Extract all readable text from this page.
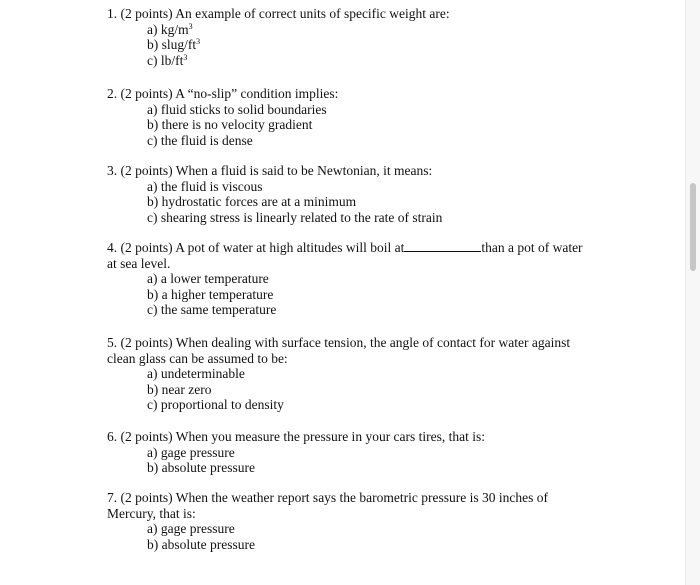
1. (2 points) An example of correct units of specific weight are:

a) $kg/m^3$
b) slug/$ft^3$
c) $lb/ft^3$

2. (2 points) A “no-slip” condition implies:

a) fluid sticks to solid boundaries
b) there is no velocity gradient
c) the fluid is dense

3. (2 points) When a fluid is said to be Newtonian, it means:

a) the fluid is viscous
b) hydrostatic forces are at a minimum
c) shearing stress is linearly related to the rate of strain

4. (2 points) A pot of water at high altitudes will boil at	than a pot of water

at sea level.

a) a lower temperature
b) a higher temperature
c) the same temperature

5. (2 points) When dealing with surface tension, the angle of contact for water against

clean glass can be assumed to be:

a) undeterminable
b) near zero
c) proportional to density

6. (2 points) When you measure the pressure in your cars tires, that is:

a) gage pressure
b) absolute pressure

7. (2 points) When the weather report says the barometric pressure is 30 inches of

Mercury, that is:

a) gage pressure
b) absolute pressure
